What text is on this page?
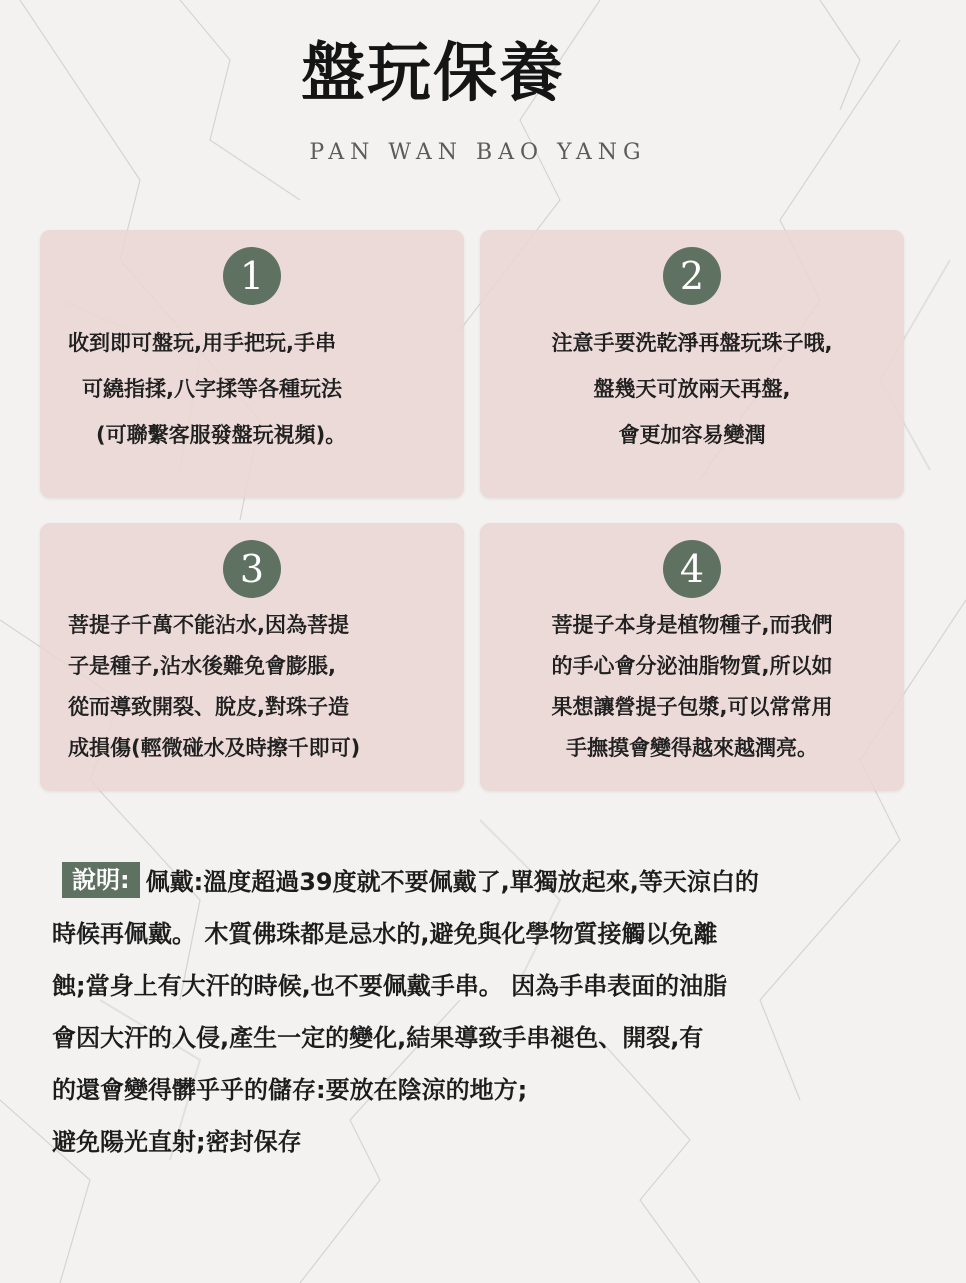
盤玩保養
PAN WAN BAO YANG
1
收到即可盤玩,用手把玩,手串
可繞指揉,八字揉等各種玩法
(可聯繫客服發盤玩視頻)。
2
注意手要洗乾淨再盤玩珠子哦,
盤幾天可放兩天再盤,
會更加容易變潤
3
菩提子千萬不能沾水,因為菩提
子是種子,沾水後難免會膨脹,
從而導致開裂、脫皮,對珠子造
成損傷(輕微碰水及時擦千即可)
4
菩提子本身是植物種子,而我們
的手心會分泌油脂物質,所以如
果想讓營提子包漿,可以常常用
手撫摸會變得越來越潤亮。
說明: 佩戴:溫度超過39度就不要佩戴了,單獨放起來,等天涼白的
時候再佩戴。 木質佛珠都是忌水的,避免與化學物質接觸以免離
蝕;當身上有大汗的時候,也不要佩戴手串。 因為手串表面的油脂
會因大汗的入侵,產生一定的變化,結果導致手串褪色、開裂,有
的還會變得髒乎乎的儲存:要放在陰涼的地方;
避免陽光直射;密封保存
